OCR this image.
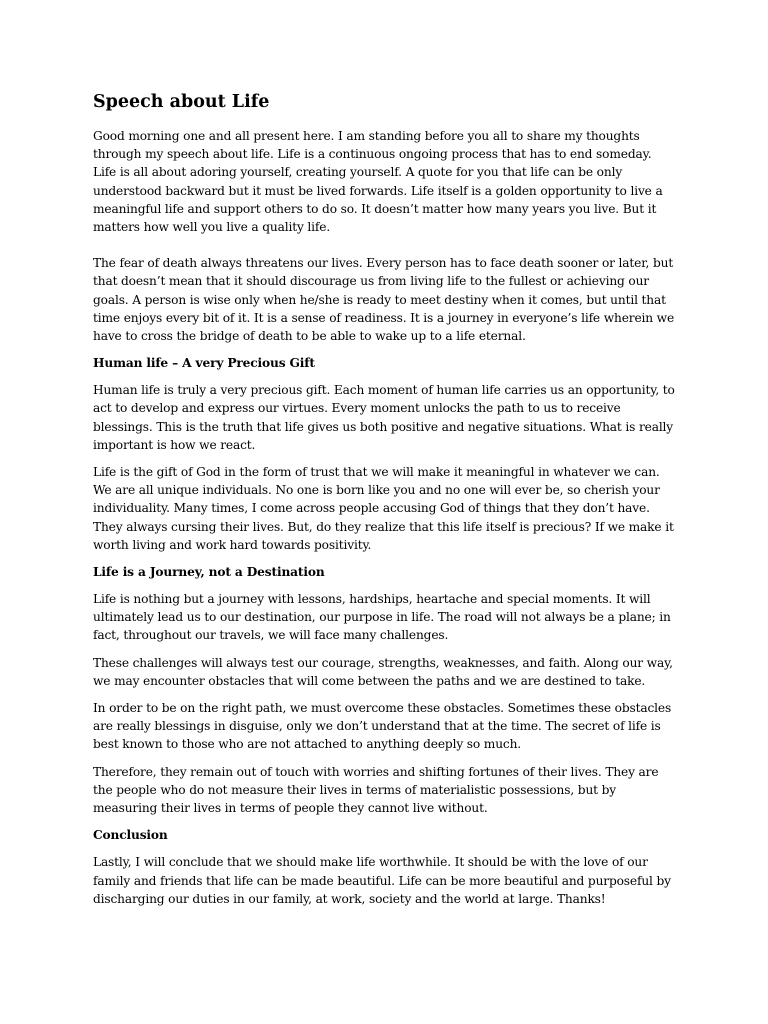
Speech about Life

Good morning one and all present here. I am standing before you all to share my thoughts through my speech about life. Life is a continuous ongoing process that has to end someday. Life is all about adoring yourself, creating yourself. A quote for you that life can be only understood backward but it must be lived forwards. Life itself is a golden opportunity to live a meaningful life and support others to do so. It doesn’t matter how many years you live. But it matters how well you live a quality life.

The fear of death always threatens our lives. Every person has to face death sooner or later, but that doesn’t mean that it should discourage us from living life to the fullest or achieving our goals. A person is wise only when he/she is ready to meet destiny when it comes, but until that time enjoys every bit of it. It is a sense of readiness. It is a journey in everyone’s life wherein we have to cross the bridge of death to be able to wake up to a life eternal.

Human life – A very Precious Gift

Human life is truly a very precious gift. Each moment of human life carries us an opportunity, to act to develop and express our virtues. Every moment unlocks the path to us to receive blessings. This is the truth that life gives us both positive and negative situations. What is really important is how we react.

Life is the gift of God in the form of trust that we will make it meaningful in whatever we can. We are all unique individuals. No one is born like you and no one will ever be, so cherish your individuality. Many times, I come across people accusing God of things that they don’t have. They always cursing their lives. But, do they realize that this life itself is precious? If we make it worth living and work hard towards positivity.

Life is a Journey, not a Destination

Life is nothing but a journey with lessons, hardships, heartache and special moments. It will ultimately lead us to our destination, our purpose in life. The road will not always be a plane; in fact, throughout our travels, we will face many challenges.

These challenges will always test our courage, strengths, weaknesses, and faith. Along our way, we may encounter obstacles that will come between the paths and we are destined to take.

In order to be on the right path, we must overcome these obstacles. Sometimes these obstacles are really blessings in disguise, only we don’t understand that at the time. The secret of life is best known to those who are not attached to anything deeply so much.

Therefore, they remain out of touch with worries and shifting fortunes of their lives. They are the people who do not measure their lives in terms of materialistic possessions, but by measuring their lives in terms of people they cannot live without.

Conclusion

Lastly, I will conclude that we should make life worthwhile. It should be with the love of our family and friends that life can be made beautiful. Life can be more beautiful and purposeful by discharging our duties in our family, at work, society and the world at large. Thanks!
